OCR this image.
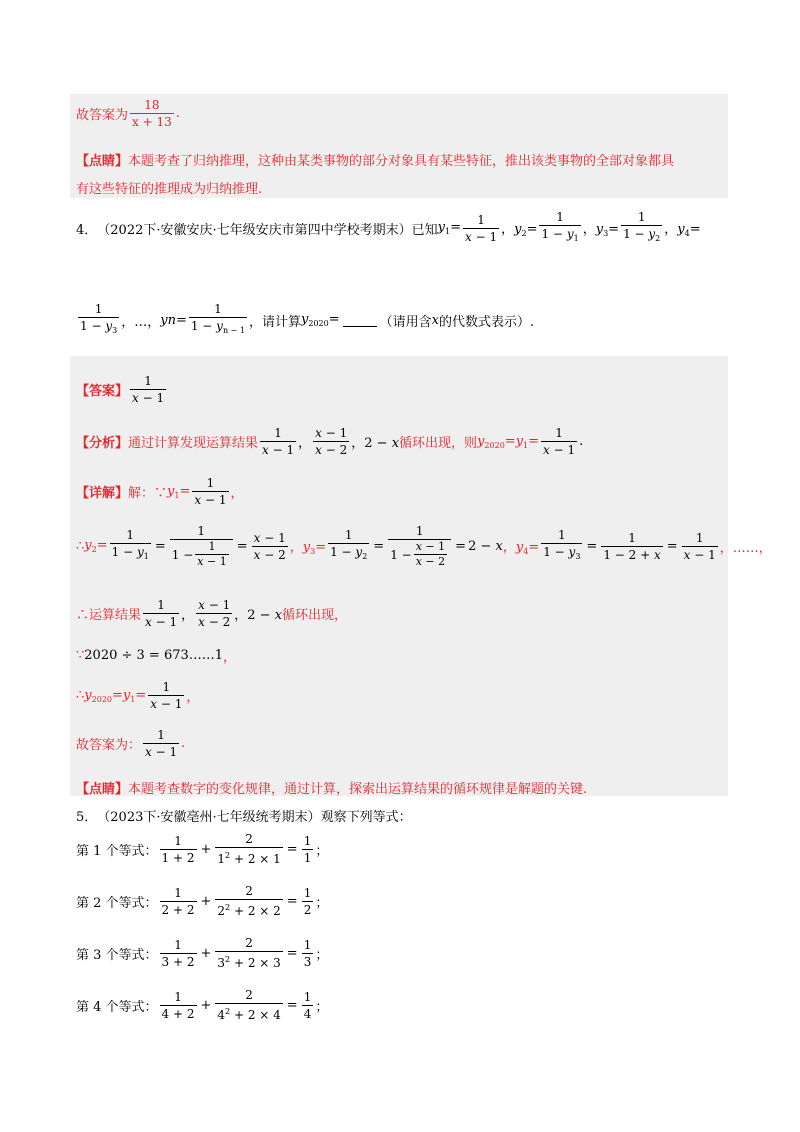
故答案为 $\frac{18}{x + 13}$ .
【点睛】 本题考查了归纳推理，这种由某类事物的部分对象具有某些特征，推出该类事物的全部对象都具
有这些特征的推理成为归纳推理.
4． （2022下·安徽安庆·七年级安庆市第四中学校考期末）已知 $y_1= \frac{1}{x - 1}$ ，$y_2= \frac{1}{1 - y_1}$ ，$y_3= \frac{1}{1 - y_2}$ ，$y_4=$
$\frac{1}{1 - y_3}$ ，…， $yn= \frac{1}{1 - y_{n - 1}}$ ，请计算 $y_{2020}=$	（请用含 x 的代数式表示）.
【答案】 $\frac{1}{x - 1}$
【分析】 通过计算发现运算结果 $\frac{1}{x - 1}$ ， $\frac{x - 1}{x - 2}$ ，2 − x 循环出现，则 $y_{2020}=y_1= \frac{1}{x - 1}$ .
【详解】 解：∵ $y_1= \frac{1}{x - 1}$ ，
∴ $y_2= \frac{1}{1 - y_1} = \frac{1}{1 - \frac{1}{x - 1}} = \frac{x - 1}{x - 2}$ ，$y_3= \frac{1}{1 - y_2} = \frac{1}{1 - \frac{x - 1}{x - 2}} = 2 - x$ ，$y_4= \frac{1}{1 - y_3} = \frac{1}{1 - 2 + x} = \frac{1}{x - 1}$ ，……，
∴运算结果 $\frac{1}{x - 1}$ ， $\frac{x - 1}{x - 2}$ ，2 − x 循环出现，
∵ 2020 ÷ 3 = 673……1 ，
∴ $y_{2020}=y_1= \frac{1}{x - 1}$ ，
故答案为： $\frac{1}{x - 1}$ .
【点睛】 本题考查数字的变化规律，通过计算，探索出运算结果的循环规律是解题的关键.
5． （2023下·安徽亳州·七年级统考期末）观察下列等式：
第 1 个等式： $\frac{1}{1 + 2} + \frac{2}{1^2 + 2 \times 1} = \frac{1}{1}$ ；
第 2 个等式： $\frac{1}{2 + 2} + \frac{2}{2^2 + 2 \times 2} = \frac{1}{2}$ ；
第 3 个等式： $\frac{1}{3 + 2} + \frac{2}{3^2 + 2 \times 3} = \frac{1}{3}$ ；
第 4 个等式： $\frac{1}{4 + 2} + \frac{2}{4^2 + 2 \times 4} = \frac{1}{4}$ ；
